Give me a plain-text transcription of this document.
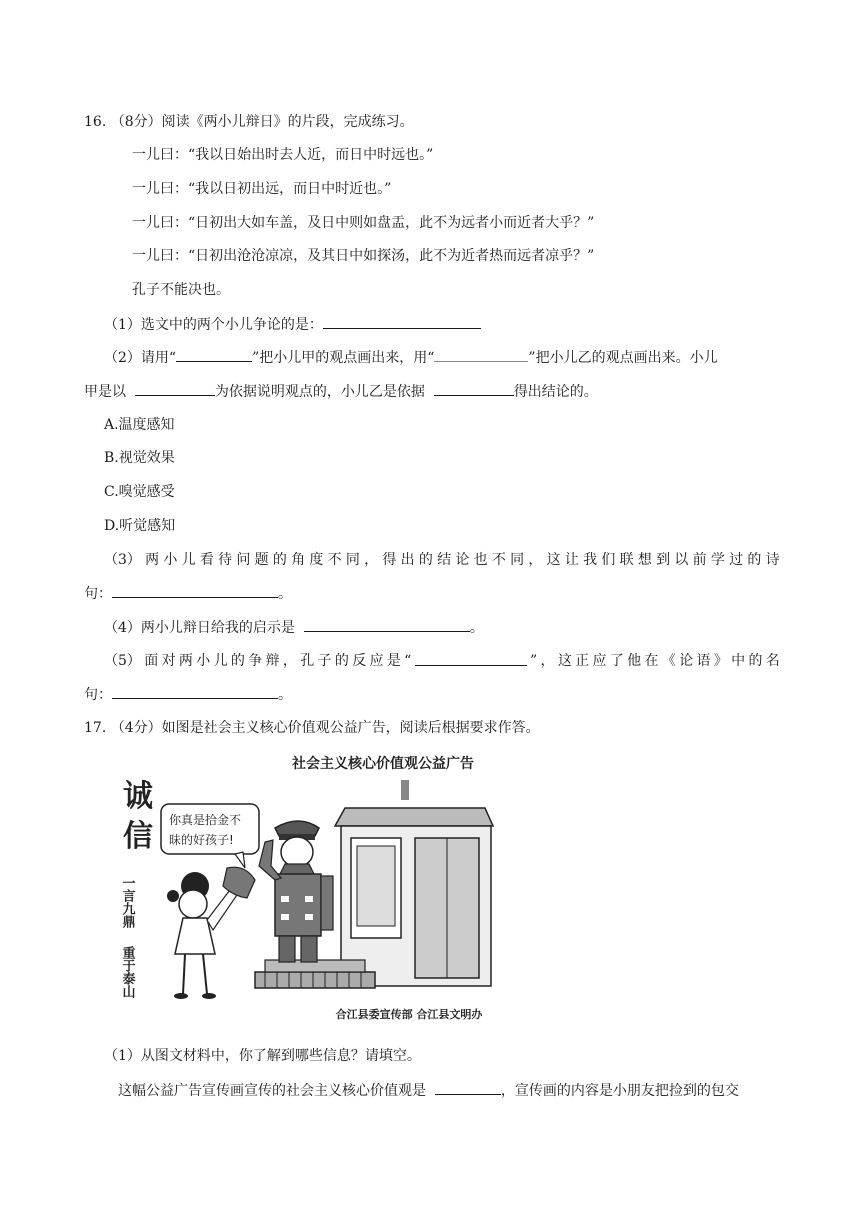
16. （8分）阅读《两小儿辩日》的片段，完成练习。
一儿曰：“我以日始出时去人近，而日中时远也。”
一儿曰：“我以日初出远，而日中时近也。”
一儿曰：“日初出大如车盖，及日中则如盘盂，此不为远者小而近者大乎？”
一儿曰：“日初出沧沧凉凉，及其日中如探汤，此不为近者热而远者凉乎？”
孔子不能决也。
（1）选文中的两个小儿争论的是：
（2）请用“	”把小儿甲的观点画出来，用“	”把小儿乙的观点画出来。小儿
甲是以	为依据说明观点的，小儿乙是依据	得出结论的。
A.温度感知
B.视觉效果
C.嗅觉感受
D.听觉感知
（3） 两 小 儿 看 待 问 题 的 角 度 不 同 ， 得 出 的 结 论 也 不 同 ， 这 让 我 们 联 想 到 以 前 学 过 的 诗
句：	。
（4）两小儿辩日给我的启示是	。
（5） 面 对 两 小 儿 的 争 辩 ， 孔 子 的 反 应 是 “	” ， 这 正 应 了 他 在 《 论 语 》 中 的 名
句：	。
17. （4分）如图是社会主义核心价值观公益广告，阅读后根据要求作答。
社会主义核心价值观公益广告
诚
信
一言九鼎
重于泰山
你真是拾金不
昧的好孩子!
合江县委宣传部 合江县文明办
（1）从图文材料中，你了解到哪些信息？请填空。
这幅公益广告宣传画宣传的社会主义核心价值观是	，宣传画的内容是小朋友把捡到的包交
